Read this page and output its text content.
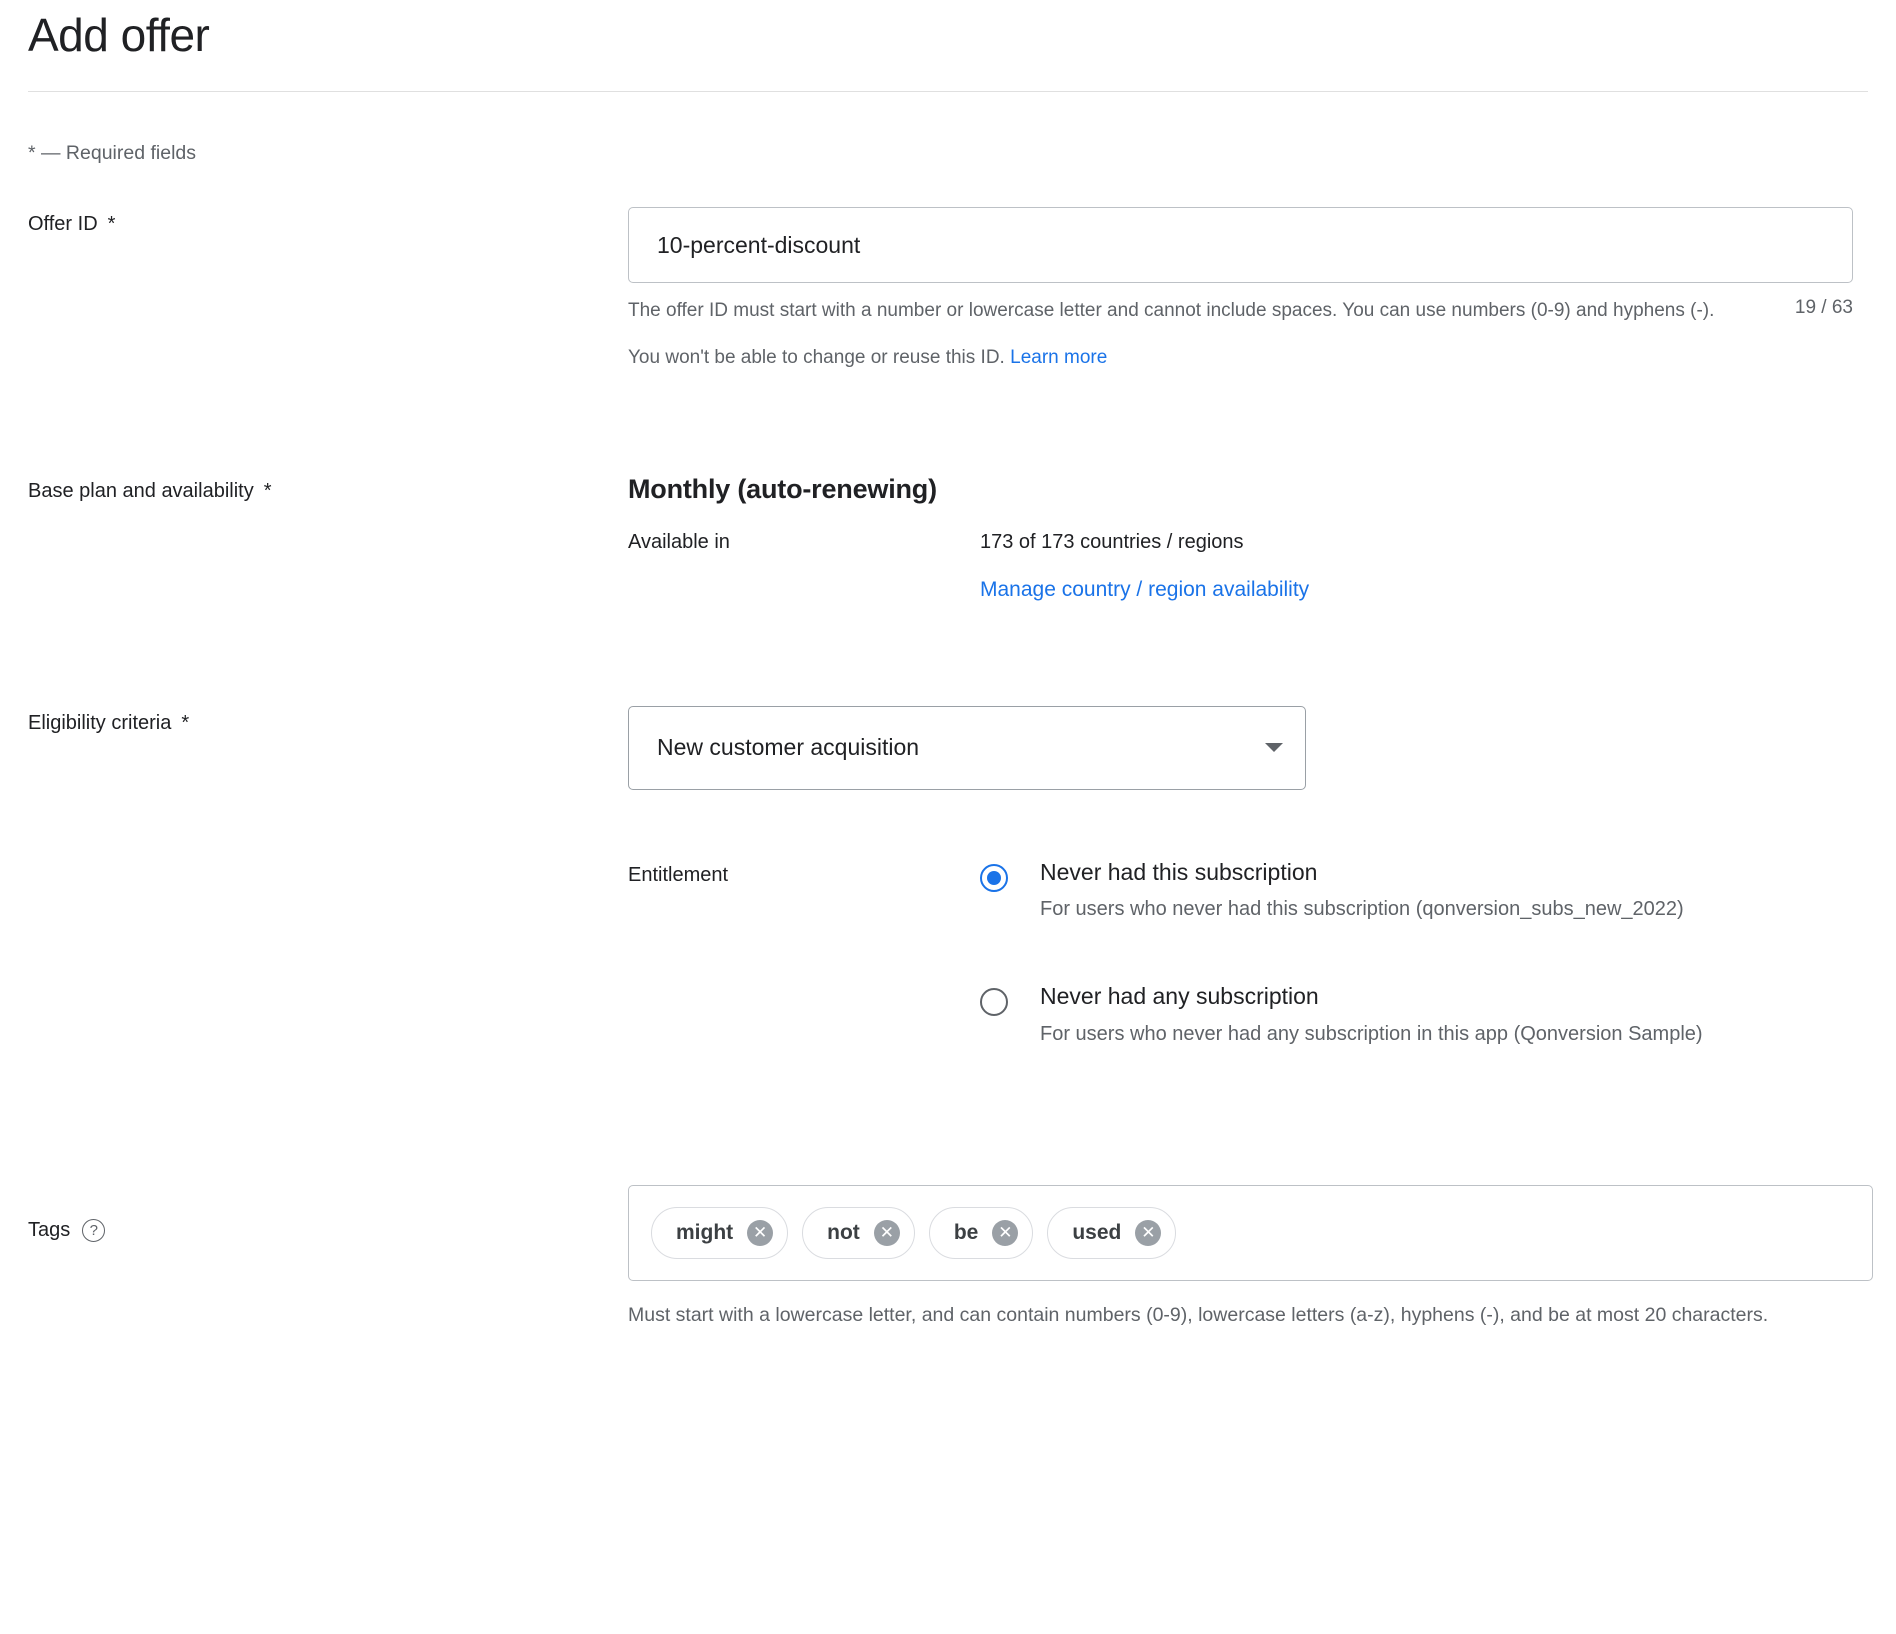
Add offer
* — Required fields
Offer ID *
10-percent-discount
The offer ID must start with a number or lowercase letter and cannot include spaces. You can use numbers (0-9) and hyphens (-).	19 / 63
You won't be able to change or reuse this ID. Learn more
Base plan and availability *	Monthly (auto-renewing)
Available in	173 of 173 countries / regions
Manage country / region availability
Eligibility criteria *
New customer acquisition
Entitlement	Never had this subscription
For users who never had this subscription (qonversion_subs_new_2022)
Never had any subscription
For users who never had any subscription in this app (Qonversion Sample)
Tags	?	might	✕	not	✕	be	✕	used	✕
Must start with a lowercase letter, and can contain numbers (0-9), lowercase letters (a-z), hyphens (-), and be at most 20 characters.
